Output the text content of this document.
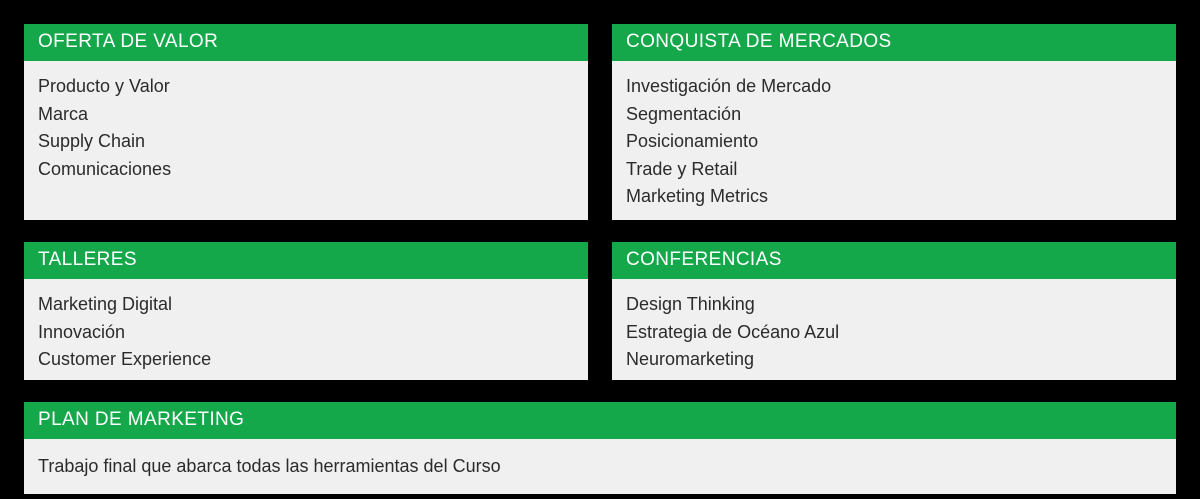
OFERTA DE VALOR
Producto y Valor
Marca
Supply Chain
Comunicaciones
CONQUISTA DE MERCADOS
Investigación de Mercado
Segmentación
Posicionamiento
Trade y Retail
Marketing Metrics
TALLERES
Marketing Digital
Innovación
Customer Experience
CONFERENCIAS
Design Thinking
Estrategia de Océano Azul
Neuromarketing
PLAN DE MARKETING
Trabajo final que abarca todas las herramientas del Curso
